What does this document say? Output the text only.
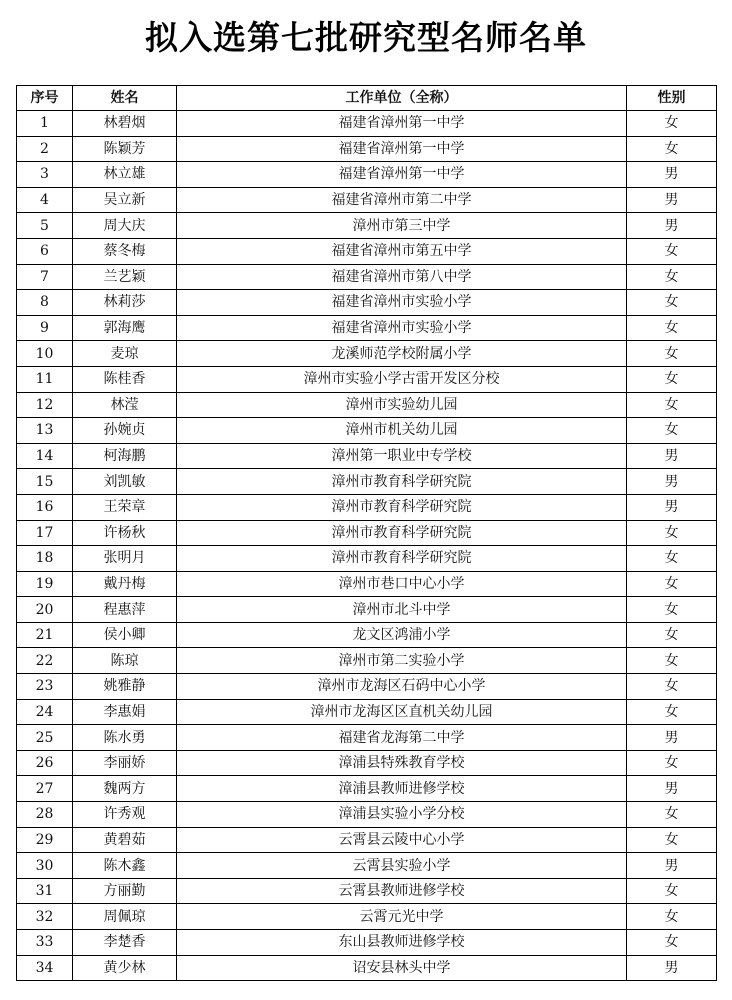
拟入选第七批研究型名师名单
序号	姓名	工作单位（全称）	性别
1	林碧烟	福建省漳州第一中学	女
2	陈颖芳	福建省漳州第一中学	女
3	林立雄	福建省漳州第一中学	男
4	吴立新	福建省漳州市第二中学	男
5	周大庆	漳州市第三中学	男
6	蔡冬梅	福建省漳州市第五中学	女
7	兰艺颖	福建省漳州市第八中学	女
8	林莉莎	福建省漳州市实验小学	女
9	郭海鹰	福建省漳州市实验小学	女
10	麦琼	龙溪师范学校附属小学	女
11	陈桂香	漳州市实验小学古雷开发区分校	女
12	林滢	漳州市实验幼儿园	女
13	孙婉贞	漳州市机关幼儿园	女
14	柯海鹏	漳州第一职业中专学校	男
15	刘凯敏	漳州市教育科学研究院	男
16	王荣章	漳州市教育科学研究院	男
17	许杨秋	漳州市教育科学研究院	女
18	张明月	漳州市教育科学研究院	女
19	戴丹梅	漳州市巷口中心小学	女
20	程惠萍	漳州市北斗中学	女
21	侯小卿	龙文区鸿浦小学	女
22	陈琼	漳州市第二实验小学	女
23	姚雅静	漳州市龙海区石码中心小学	女
24	李惠娟	漳州市龙海区区直机关幼儿园	女
25	陈水勇	福建省龙海第二中学	男
26	李丽娇	漳浦县特殊教育学校	女
27	魏两方	漳浦县教师进修学校	男
28	许秀观	漳浦县实验小学分校	女
29	黄碧茹	云霄县云陵中心小学	女
30	陈木鑫	云霄县实验小学	男
31	方丽勤	云霄县教师进修学校	女
32	周佩琼	云霄元光中学	女
33	李楚香	东山县教师进修学校	女
34	黄少林	诏安县林头中学	男
